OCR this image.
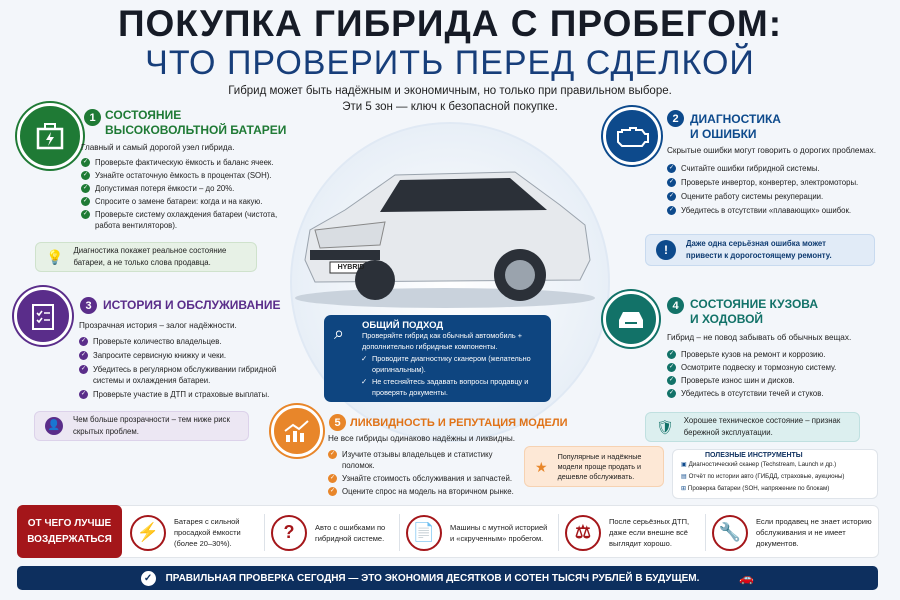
HYBRID
ПОКУПКА ГИБРИДА С ПРОБЕГОМ:
ЧТО ПРОВЕРИТЬ ПЕРЕД СДЕЛКОЙ
Гибрид может быть надёжным и экономичным, но только при правильном выборе.
Эти 5 зон — ключ к безопасной покупке.
1 СОСТОЯНИЕ
ВЫСОКОВОЛЬТНОЙ БАТАРЕИ
Главный и самый дорогой узел гибрида.
✓ Проверьте фактическую ёмкость и баланс ячеек.
✓ Узнайте остаточную ёмкость в процентах (SOH).
✓ Допустимая потеря ёмкости – до 20%.
✓ Спросите о замене батареи: когда и на какую.
✓ Проверьте систему охлаждения батареи (чистота, работа вентиляторов).
💡 Диагностика покажет реальное состояние батареи, а не только слова продавца.
3 ИСТОРИЯ И ОБСЛУЖИВАНИЕ
Прозрачная история – залог надёжности.
✓ Проверьте количество владельцев.
✓ Запросите сервисную книжку и чеки.
✓ Убедитесь в регулярном обслуживании гибридной системы и охлаждения батареи.
✓ Проверьте участие в ДТП и страховые выплаты.
👤
Чем больше прозрачности – тем ниже риск скрытых проблем.
2 ДИАГНОСТИКА
И ОШИБКИ
Скрытые ошибки могут говорить о дорогих проблемах.
✓ Считайте ошибки гибридной системы.
✓ Проверьте инвертор, конвертер, электромоторы.
✓ Оцените работу системы рекуперации.
✓ Убедитесь в отсутствии «плавающих» ошибок.
!	Даже одна серьёзная ошибка может привести к дорогостоящему ремонту.
4 СОСТОЯНИЕ КУЗОВА
И ХОДОВОЙ
Гибрид – не повод забывать об обычных вещах.
✓ Проверьте кузов на ремонт и коррозию.
✓ Осмотрите подвеску и тормозную систему.
✓ Проверьте износ шин и дисков.
✓ Убедитесь в отсутствии течей и стуков.
🛡 Хорошее техническое состояние – признак бережной эксплуатации.
⌕ ОБЩИЙ ПОДХОД
Проверяйте гибрид как обычный автомобиль + дополнительно гибридные компоненты.
✓ Проводите диагностику сканером (желательно оригинальным).
✓ Не стесняйтесь задавать вопросы продавцу и проверять документы.
5 ЛИКВИДНОСТЬ И РЕПУТАЦИЯ МОДЕЛИ
Не все гибриды одинаково надёжны и ликвидны.
✓ Изучите отзывы владельцев и статистику поломок.
✓ Узнайте стоимость обслуживания и запчастей.
✓ Оцените спрос на модель на вторичном рынке.
★
Популярные и надёжные модели проще продать и дешевле обслуживать.
ПОЛЕЗНЫЕ ИНСТРУМЕНТЫ
▣ Диагностический сканер (Techstream, Launch и др.)
▤ Отчёт по истории авто (ГИБДД, страховые, аукционы)
⊞ Проверка батареи (SOH, напряжение по блокам)
ОТ ЧЕГО ЛУЧШЕ ВОЗДЕРЖАТЬСЯ	⚡
Батарея с сильной просадкой ёмкости (более 20–30%).
?	Авто с ошибками по гибридной системе.	📄	Машины с мутной историей и «скрученным» пробегом.	⚖
После серьёзных ДТП, даже если внешне всё выглядит хорошо.
🔧
Если продавец не знает историю обслуживания и не имеет документов.
✓	ПРАВИЛЬНАЯ ПРОВЕРКА СЕГОДНЯ — ЭТО ЭКОНОМИЯ ДЕСЯТКОВ И СОТЕН ТЫСЯЧ РУБЛЕЙ В БУДУЩЕМ.	🚗
